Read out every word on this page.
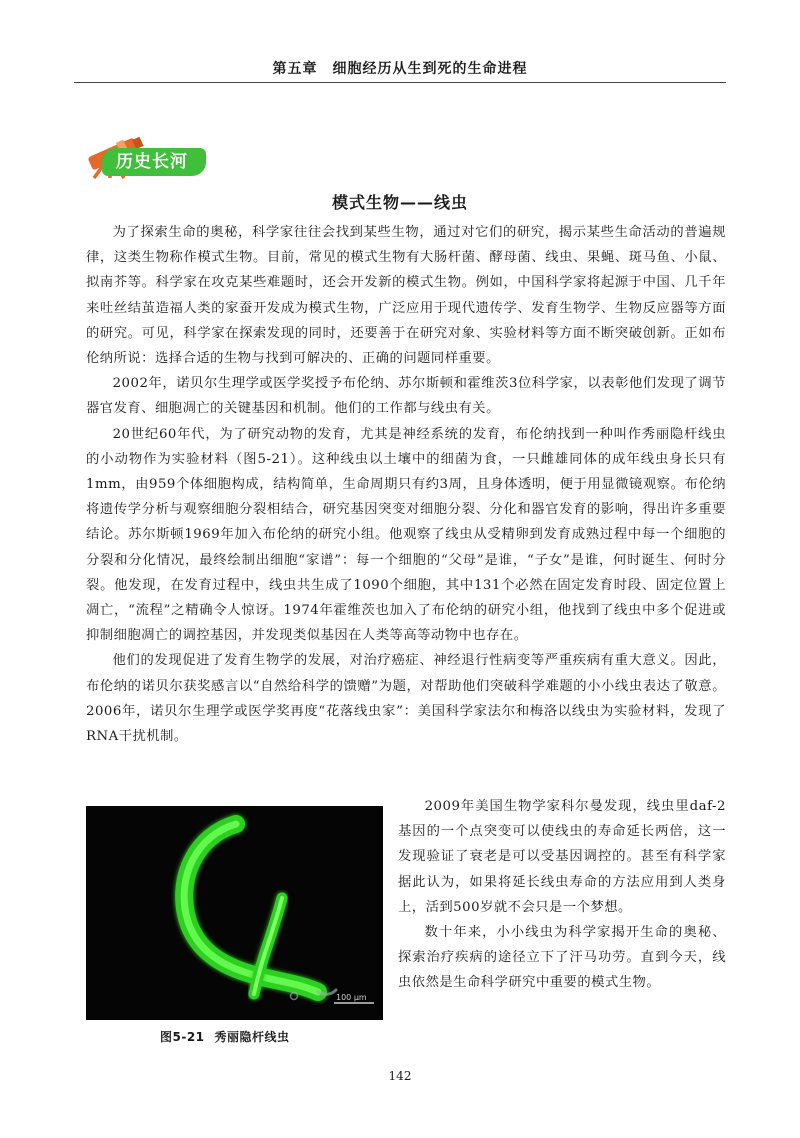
第五章　细胞经历从生到死的生命进程
历史长河
模式生物——线虫

为了探索生命的奥秘，科学家往往会找到某些生物，通过对它们的研究，揭示某些生命活动的普遍规律，这类生物称作模式生物。目前，常见的模式生物有大肠杆菌、酵母菌、线虫、果蝇、斑马鱼、小鼠、拟南芥等。科学家在攻克某些难题时，还会开发新的模式生物。例如，中国科学家将起源于中国、几千年来吐丝结茧造福人类的家蚕开发成为模式生物，广泛应用于现代遗传学、发育生物学、生物反应器等方面的研究。可见，科学家在探索发现的同时，还要善于在研究对象、实验材料等方面不断突破创新。正如布伦纳所说：选择合适的生物与找到可解决的、正确的问题同样重要。

2002年，诺贝尔生理学或医学奖授予布伦纳、苏尔斯顿和霍维茨3位科学家，以表彰他们发现了调节器官发育、细胞凋亡的关键基因和机制。他们的工作都与线虫有关。

20世纪60年代，为了研究动物的发育，尤其是神经系统的发育，布伦纳找到一种叫作秀丽隐杆线虫的小动物作为实验材料（图5-21）。这种线虫以土壤中的细菌为食，一只雌雄同体的成年线虫身长只有1mm，由959个体细胞构成，结构简单，生命周期只有约3周，且身体透明，便于用显微镜观察。布伦纳将遗传学分析与观察细胞分裂相结合，研究基因突变对细胞分裂、分化和器官发育的影响，得出许多重要结论。苏尔斯顿1969年加入布伦纳的研究小组。他观察了线虫从受精卵到发育成熟过程中每一个细胞的分裂和分化情况，最终绘制出细胞“家谱”：每一个细胞的“父母”是谁，“子女”是谁，何时诞生、何时分裂。他发现，在发育过程中，线虫共生成了1090个细胞，其中131个必然在固定发育时段、固定位置上凋亡，“流程”之精确令人惊讶。1974年霍维茨也加入了布伦纳的研究小组，他找到了线虫中多个促进或抑制细胞凋亡的调控基因，并发现类似基因在人类等高等动物中也存在。

他们的发现促进了发育生物学的发展，对治疗癌症、神经退行性病变等严重疾病有重大意义。因此，布伦纳的诺贝尔获奖感言以“自然给科学的馈赠”为题，对帮助他们突破科学难题的小小线虫表达了敬意。2006年，诺贝尔生理学或医学奖再度“花落线虫家”：美国科学家法尔和梅洛以线虫为实验材料，发现了RNA干扰机制。

100 μm
图5-21 秀丽隐杆线虫

2009年美国生物学家科尔曼发现，线虫里daf-2基因的一个点突变可以使线虫的寿命延长两倍，这一发现验证了衰老是可以受基因调控的。甚至有科学家据此认为，如果将延长线虫寿命的方法应用到人类身上，活到500岁就不会只是一个梦想。

数十年来，小小线虫为科学家揭开生命的奥秘、探索治疗疾病的途径立下了汗马功劳。直到今天，线虫依然是生命科学研究中重要的模式生物。

142
